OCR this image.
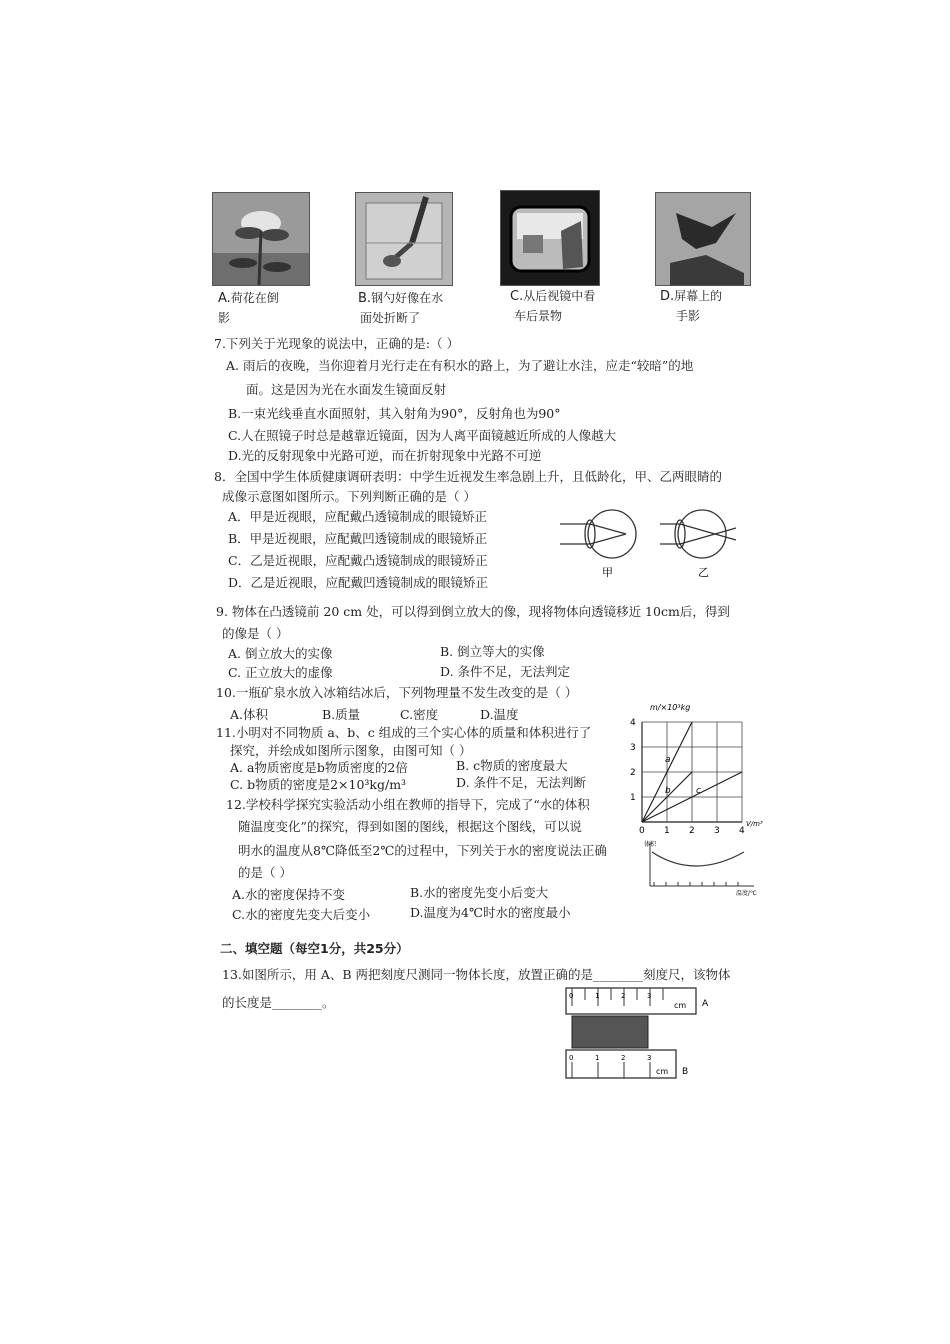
A.荷花在倒
影
B.钢勺好像在水
面处折断了
C.从后视镜中看
车后景物
D.屏幕上的
手影
7.下列关于光现象的说法中，正确的是:（ ）
A. 雨后的夜晚，当你迎着月光行走在有积水的路上，为了避让水洼，应走“较暗”的地
面。这是因为光在水面发生镜面反射
B.一束光线垂直水面照射，其入射角为90°，反射角也为90°
C.人在照镜子时总是越靠近镜面，因为人离平面镜越近所成的人像越大
D.光的反射现象中光路可逆，而在折射现象中光路不可逆
8．全国中学生体质健康调研表明：中学生近视发生率急剧上升，且低龄化，甲、乙两眼睛的
成像示意图如图所示。下列判断正确的是（ ）
A．甲是近视眼，应配戴凸透镜制成的眼镜矫正
B．甲是近视眼，应配戴凹透镜制成的眼镜矫正
C．乙是近视眼，应配戴凸透镜制成的眼镜矫正
D．乙是近视眼，应配戴凹透镜制成的眼镜矫正
甲	乙
9. 物体在凸透镜前 20 cm 处，可以得到倒立放大的像，现将物体向透镜移近 10cm后，得到
的像是（ ）
A. 倒立放大的实像	B. 倒立等大的实像
C. 正立放大的虚像	D. 条件不足，无法判定
10.一瓶矿泉水放入冰箱结冰后，下列物理量不发生改变的是（ ）
A.体积	B.质量	C.密度	D.温度
11.小明对不同物质 a、b、c 组成的三个实心体的质量和体积进行了
探究，并绘成如图所示图象，由图可知（ ）
A. a物质密度是b物质密度的2倍	B. c物质的密度最大
C. b物质的密度是2×10³kg/m³	D. 条件不足，无法判断
a
b	c
0 1 2 3 4
1
2
3
4
m/×10³kg
V/m³
12.学校科学探究实验活动小组在教师的指导下，完成了“水的体积
随温度变化”的探究，得到如图的图线，根据这个图线，可以说
明水的温度从8℃降低至2℃的过程中，下列关于水的密度说法正确
的是（ ）
A.水的密度保持不变	B.水的密度先变小后变大
C.水的密度先变大后变小	D.温度为4℃时水的密度最小
体积
温度/℃
二、填空题（每空1分，共25分）
13.如图所示，用 A、B 两把刻度尺测同一物体长度，放置正确的是________刻度尺，该物体
的长度是________。	0	1	2	3
cm A
0	1	2	3
cm B
